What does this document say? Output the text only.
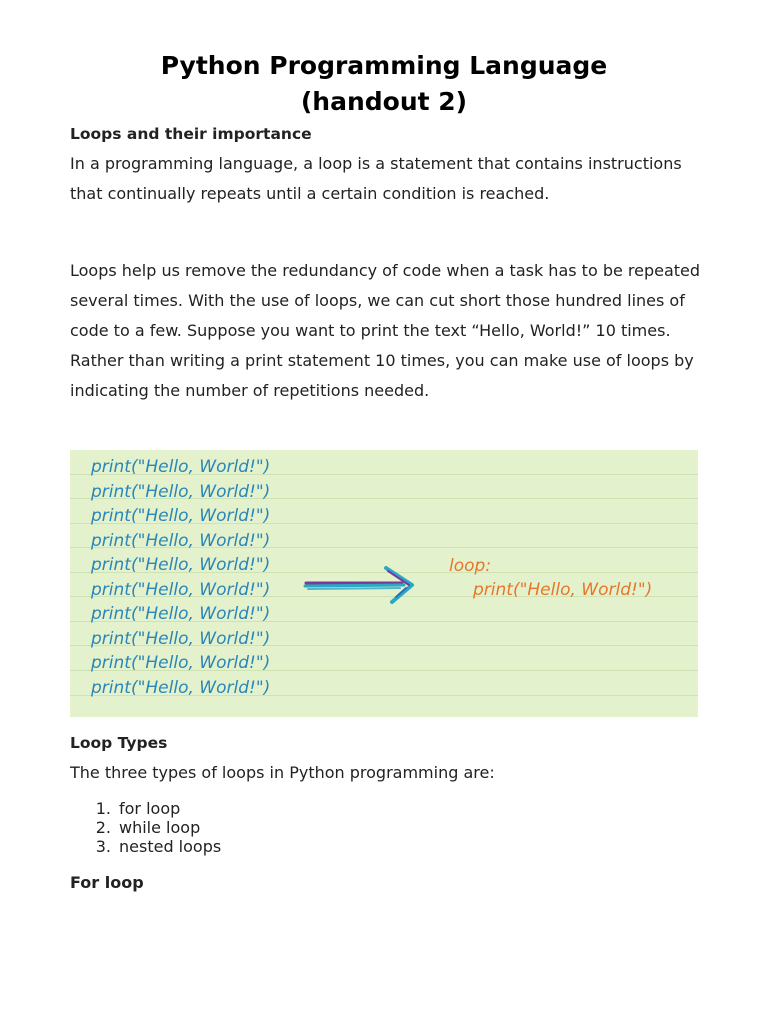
Python Programming Language
(handout 2)
Loops and their importance

In a programming language, a loop is a statement that contains instructions that continually repeats until a certain condition is reached.

Loops help us remove the redundancy of code when a task has to be repeated several times. With the use of loops, we can cut short those hundred lines of code to a few. Suppose you want to print the text “Hello, World!” 10 times. Rather than writing a print statement 10 times, you can make use of loops by indicating the number of repetitions needed.

print("Hello, World!")
print("Hello, World!")
print("Hello, World!")
print("Hello, World!")
print("Hello, World!")
print("Hello, World!")
print("Hello, World!")
print("Hello, World!")
print("Hello, World!")
print("Hello, World!")
loop:
print("Hello, World!")
Loop Types

The three types of loops in Python programming are:

1. for loop
2. while loop
3. nested loops
For loop
